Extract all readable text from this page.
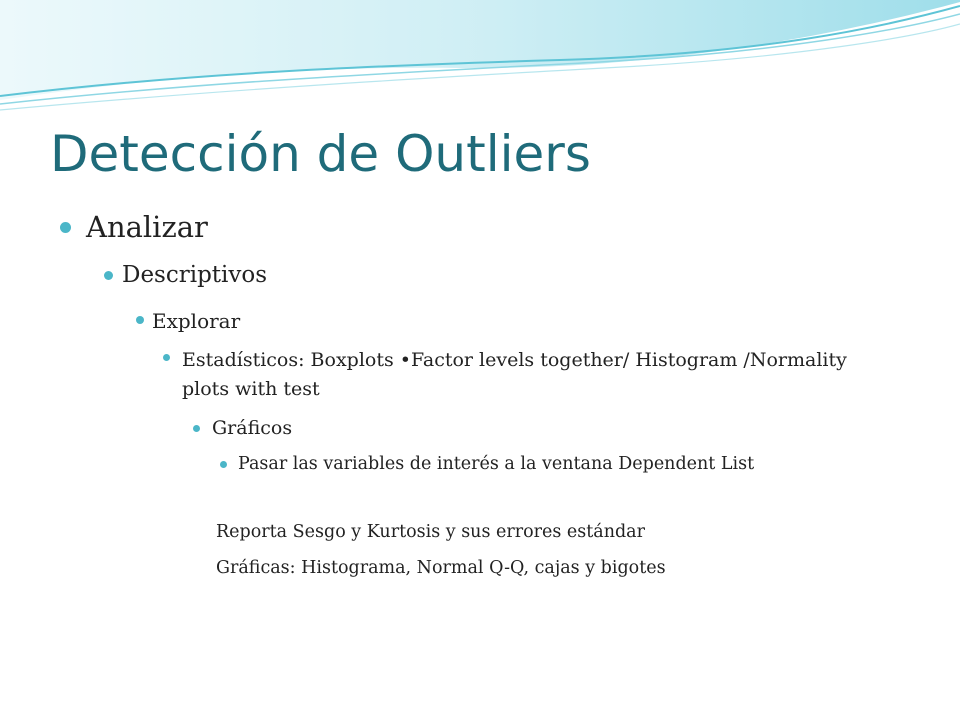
Detección de Outliers
Analizar
Descriptivos
Explorar
Estadísticos: Boxplots •Factor levels together/ Histogram /Normality plots with test
Gráficos
Pasar las variables de interés a la ventana Dependent List
Reporta Sesgo y Kurtosis y sus errores estándar
Gráficas: Histograma, Normal Q-Q, cajas y bigotes
